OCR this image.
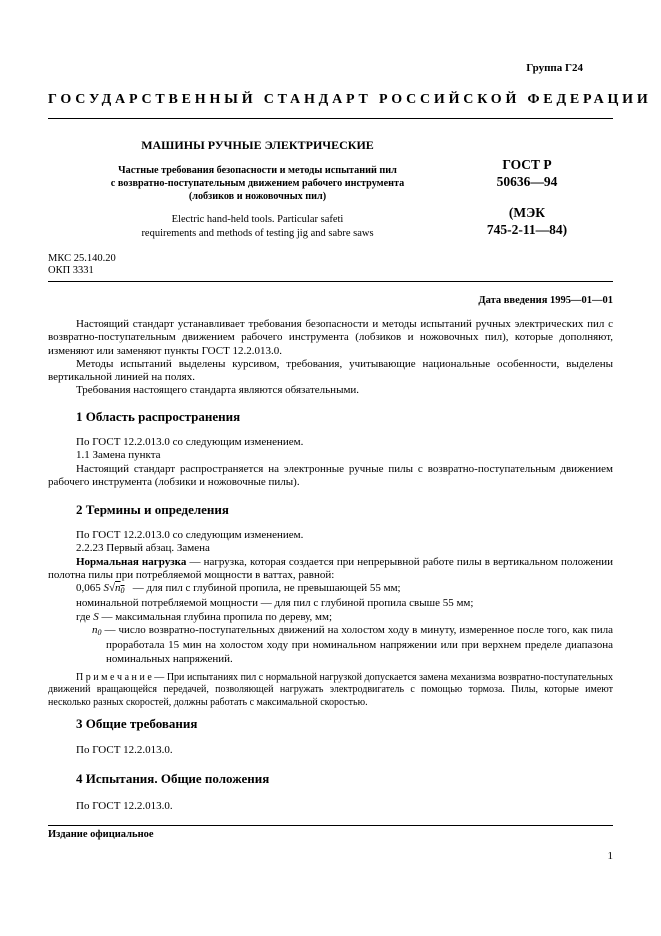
Группа Г24
ГОСУДАРСТВЕННЫЙ СТАНДАРТ РОССИЙСКОЙ ФЕДЕРАЦИИ
МАШИНЫ РУЧНЫЕ ЭЛЕКТРИЧЕСКИЕ
Частные требования безопасности и методы испытаний пил
с возвратно-поступательным движением рабочего инструмента
(лобзиков и ножовочных пил)
Electric hand-held tools. Particular safeti
requirements and methods of testing jig and sabre saws
ГОСТ Р
50636—94
(МЭК
745-2-11—84)
МКС 25.140.20
ОКП 3331
Дата введения 1995—01—01

Настоящий стандарт устанавливает требования безопасности и методы испытаний ручных электрических пил с возвратно-поступательным движением рабочего инструмента (лобзиков и ножовочных пил), которые дополняют, изменяют или заменяют пункты ГОСТ 12.2.013.0.

Методы испытаний выделены курсивом, требования, учитывающие национальные особенности, выделены вертикальной линией на полях.

Требования настоящего стандарта являются обязательными.

1 Область распространения

По ГОСТ 12.2.013.0 со следующим изменением.

1.1 Замена пункта

Настоящий стандарт распространяется на электронные ручные пилы с возвратно-поступательным движением рабочего инструмента (лобзики и ножовочные пилы).

2 Термины и определения

По ГОСТ 12.2.013.0 со следующим изменением.

2.2.23 Первый абзац. Замена

Нормальная нагрузка — нагрузка, которая создается при непрерывной работе пилы в вертикальном положении полотна пилы при потребляемой мощности в ваттах, равной:

0,065 $S√n_0$ — для пил с глубиной пропила, не превышающей 55 мм;

номинальной потребляемой мощности — для пил с глубиной пропила свыше 55 мм;

где S — максимальная глубина пропила по дереву, мм;

$n_0$ — число возвратно-поступательных движений на холостом ходу в минуту, измеренное после того, как пила проработала 15 мин на холостом ходу при номинальном напряжении или при верхнем пределе диапазона номинальных напряжений.

П р и м е ч а н и е — При испытаниях пил с нормальной нагрузкой допускается замена механизма возвратно-поступательных движений вращающейся передачей, позволяющей нагружать электродвигатель с помощью тормоза. Пилы, которые имеют несколько разных скоростей, должны работать с максимальной скоростью.

3 Общие требования

По ГОСТ 12.2.013.0.

4 Испытания. Общие положения

По ГОСТ 12.2.013.0.

Издание официальное
1
